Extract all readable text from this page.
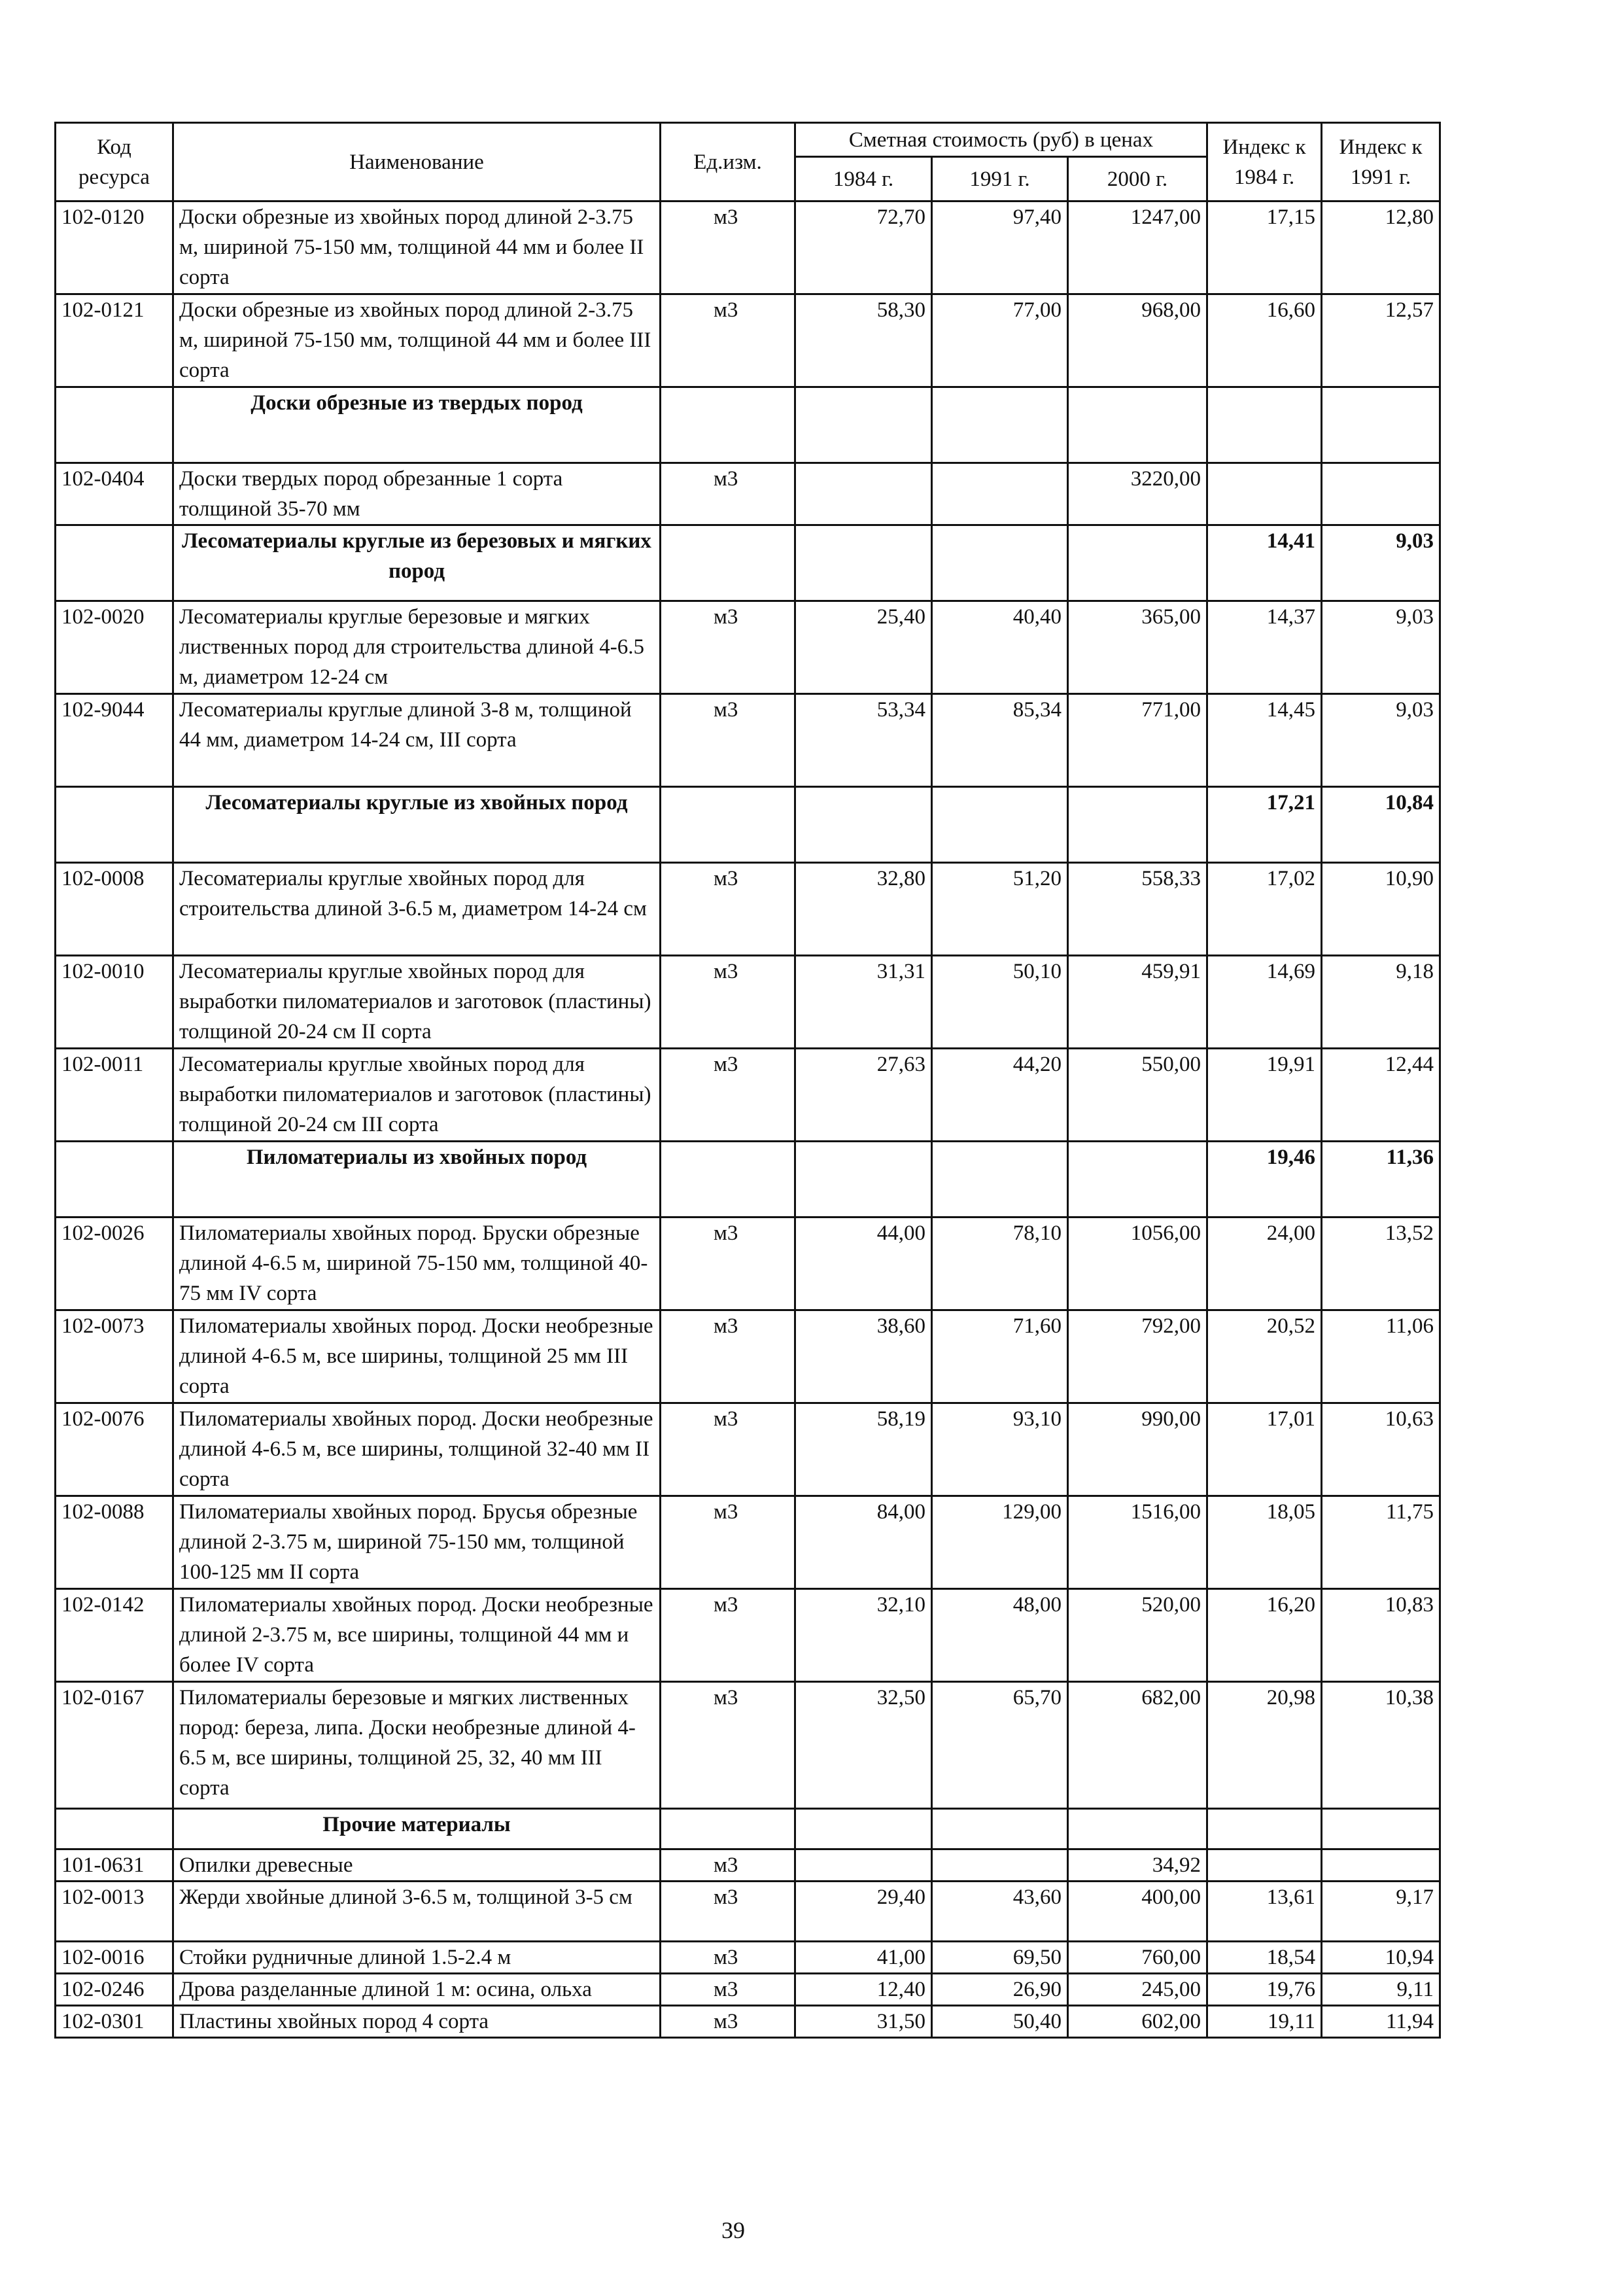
Код ресурса	Наименование	Ед.изм.	Сметная стоимость (руб) в ценах			Индекс к 1984 г.	Индекс к 1991 г.
			1984 г.	1991 г.	2000 г.		
102-0120	Доски обрезные из хвойных пород длиной 2-3.75 м, шириной 75-150 мм, толщиной 44 мм и более II сорта	м3	72,70	97,40	1247,00	17,15	12,80
102-0121	Доски обрезные из хвойных пород длиной 2-3.75 м, шириной 75-150 мм, толщиной 44 мм и более III сорта	м3	58,30	77,00	968,00	16,60	12,57
	Доски обрезные из твердых пород						
102-0404	Доски твердых пород обрезанные 1 сорта толщиной 35-70 мм	м3			3220,00		
	Лесоматериалы круглые из березовых и мягких пород					14,41	9,03
102-0020	Лесоматериалы круглые березовые и мягких лиственных пород для строительства длиной 4-6.5 м, диаметром 12-24 см	м3	25,40	40,40	365,00	14,37	9,03
102-9044	Лесоматериалы круглые длиной 3-8 м, толщиной 44 мм, диаметром 14-24 см, III сорта	м3	53,34	85,34	771,00	14,45	9,03
	Лесоматериалы круглые из хвойных пород					17,21	10,84
102-0008	Лесоматериалы круглые хвойных пород для строительства длиной 3-6.5 м, диаметром 14-24 см	м3	32,80	51,20	558,33	17,02	10,90
102-0010	Лесоматериалы круглые хвойных пород для выработки пиломатериалов и заготовок (пластины) толщиной 20-24 см II сорта	м3	31,31	50,10	459,91	14,69	9,18
102-0011	Лесоматериалы круглые хвойных пород для выработки пиломатериалов и заготовок (пластины) толщиной 20-24 см III сорта	м3	27,63	44,20	550,00	19,91	12,44
	Пиломатериалы из хвойных пород					19,46	11,36
102-0026	Пиломатериалы хвойных пород. Бруски обрезные длиной 4-6.5 м, шириной 75-150 мм, толщиной 40-75 мм IV сорта	м3	44,00	78,10	1056,00	24,00	13,52
102-0073	Пиломатериалы хвойных пород. Доски необрезные длиной 4-6.5 м, все ширины, толщиной 25 мм III сорта	м3	38,60	71,60	792,00	20,52	11,06
102-0076	Пиломатериалы хвойных пород. Доски необрезные длиной 4-6.5 м, все ширины, толщиной 32-40 мм II сорта	м3	58,19	93,10	990,00	17,01	10,63
102-0088	Пиломатериалы хвойных пород. Брусья обрезные длиной 2-3.75 м, шириной 75-150 мм, толщиной 100-125 мм II сорта	м3	84,00	129,00	1516,00	18,05	11,75
102-0142	Пиломатериалы хвойных пород. Доски необрезные длиной 2-3.75 м, все ширины, толщиной 44 мм и более IV сорта	м3	32,10	48,00	520,00	16,20	10,83
102-0167	Пиломатериалы березовые и мягких лиственных пород: береза, липа. Доски необрезные длиной 4-6.5 м, все ширины, толщиной 25, 32, 40 мм III сорта	м3	32,50	65,70	682,00	20,98	10,38
	Прочие материалы						
101-0631	Опилки древесные	м3			34,92		
102-0013	Жерди хвойные длиной 3-6.5 м, толщиной 3-5 см	м3	29,40	43,60	400,00	13,61	9,17
102-0016	Стойки рудничные длиной 1.5-2.4 м	м3	41,00	69,50	760,00	18,54	10,94
102-0246	Дрова разделанные длиной 1 м: осина, ольха	м3	12,40	26,90	245,00	19,76	9,11
102-0301	Пластины хвойных пород 4 сорта	м3	31,50	50,40	602,00	19,11	11,94
39
